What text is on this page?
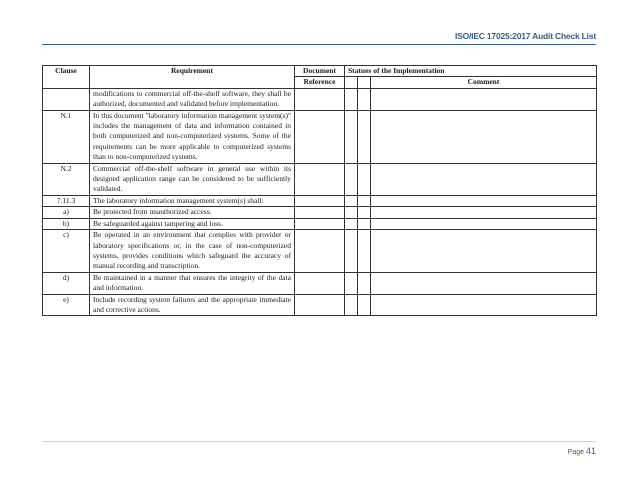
ISO/IEC 17025:2017 Audit Check List
Clause	Requirement	Document	Statues of the Implementation		
		Reference			Comment
	modifications to commercial off-the-shelf software, they shall be authorized, documented and validated before implementation.				
N.1	In this document "laboratory information management system(s)" includes the management of data and information contained in both computerized and non-computerized systems. Some of the requirements can be more applicable to computerized systems than to non-computerized systems.				
N.2	Commercial off-the-shelf software in general use within its designed application range can be considered to be sufficiently validated.				
7.11.3	The laboratory information management system(s) shall:				
a)	Be protected from unauthorized access.				
b)	Be safeguarded against tampering and loss.				
c)	Be operated in an environment that complies with provider or laboratory specifications or, in the case of non-computerized systems, provides conditions which safeguard the accuracy of manual recording and transcription.				
d)	Be maintained in a manner that ensures the integrity of the data and information.				
e)	Include recording system failures and the appropriate immediate and corrective actions.				
Page 41
